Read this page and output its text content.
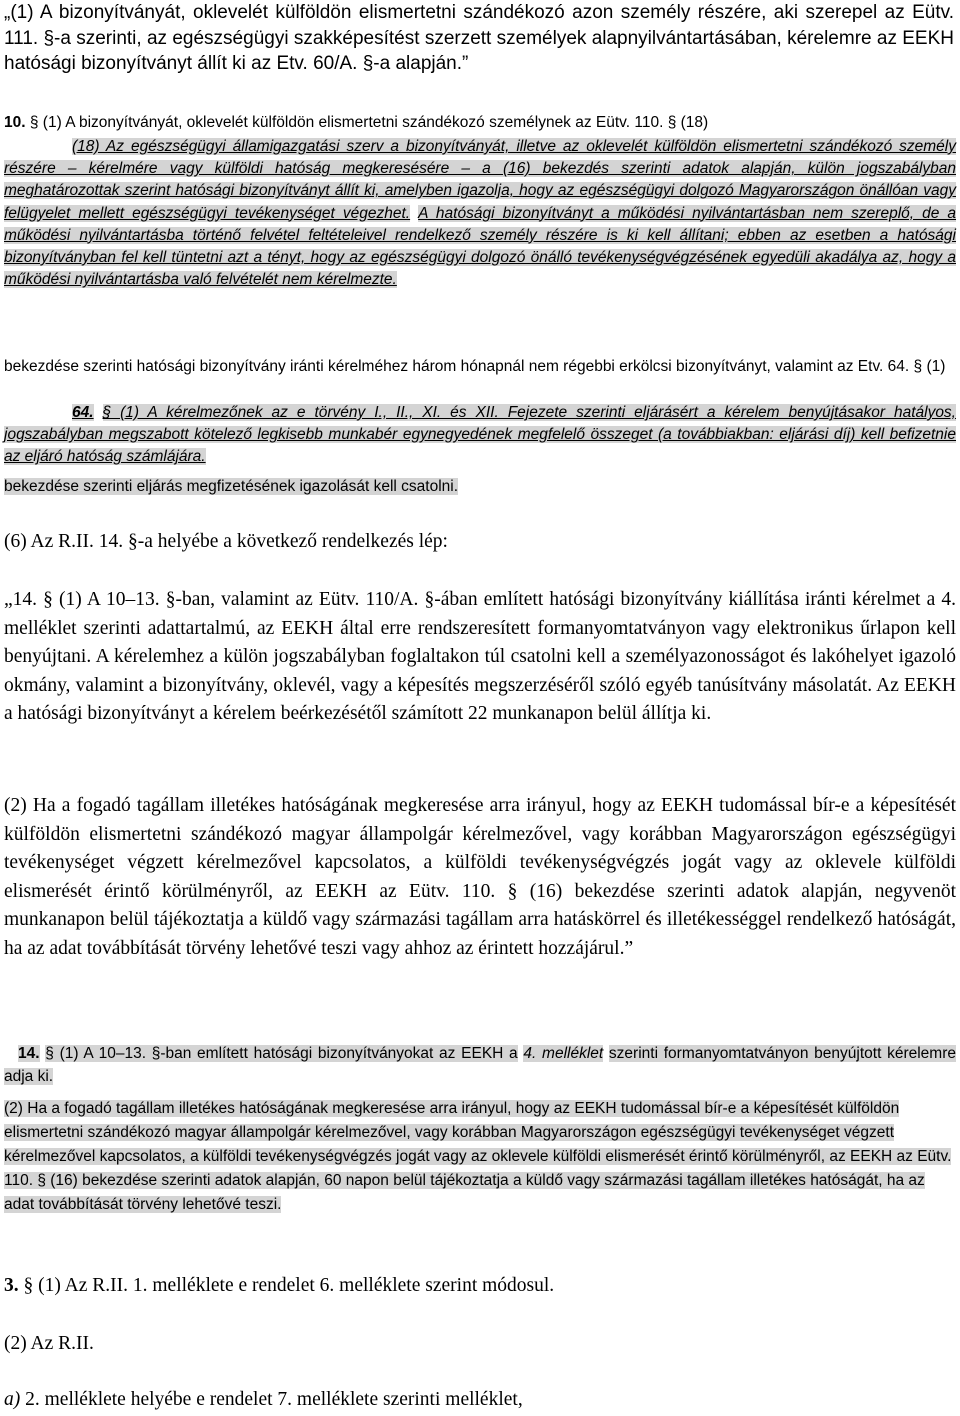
„(1) A bizonyítványát, oklevelét külföldön elismertetni szándékozó azon személy részére, aki szerepel az Eütv. 111. §-a szerinti, az egészségügyi szakképesítést szerzett személyek alapnyilvántartásában, kérelemre az EEKH hatósági bizonyítványt állít ki az Etv. 60/A. §-a alapján.”

10. § (1) A bizonyítványát, oklevelét külföldön elismertetni szándékozó személynek az Eütv. 110. § (18)

(18) Az egészségügyi államigazgatási szerv a bizonyítványát, illetve az oklevelét külföldön elismertetni szándékozó személy részére – kérelmére vagy külföldi hatóság megkeresésére – a (16) bekezdés szerinti adatok alapján, külön jogszabályban meghatározottak szerint hatósági bizonyítványt állít ki, amelyben igazolja, hogy az egészségügyi dolgozó Magyarországon önállóan vagy felügyelet mellett egészségügyi tevékenységet végezhet. A hatósági bizonyítványt a működési nyilvántartásban nem szereplő, de a működési nyilvántartásba történő felvétel feltételeivel rendelkező személy részére is ki kell állítani; ebben az esetben a hatósági bizonyítványban fel kell tüntetni azt a tényt, hogy az egészségügyi dolgozó önálló tevékenységvégzésének egyedüli akadálya az, hogy a működési nyilvántartásba való felvételét nem kérelmezte.

bekezdése szerinti hatósági bizonyítvány iránti kérelméhez három hónapnál nem régebbi erkölcsi bizonyítványt, valamint az Etv. 64. § (1)

64. § (1) A kérelmezőnek az e törvény I., II., XI. és XII. Fejezete szerinti eljárásért a kérelem benyújtásakor hatályos, jogszabályban megszabott kötelező legkisebb munkabér egynegyedének megfelelő összeget (a továbbiakban: eljárási díj) kell befizetnie az eljáró hatóság számlájára.

bekezdése szerinti eljárás megfizetésének igazolását kell csatolni.

(6) Az R.II. 14. §-a helyébe a következő rendelkezés lép:

„14. § (1) A 10–13. §-ban, valamint az Eütv. 110/A. §-ában említett hatósági bizonyítvány kiállítása iránti kérelmet a 4. melléklet szerinti adattartalmú, az EEKH által erre rendszeresített formanyomtatványon vagy elektronikus űrlapon kell benyújtani. A kérelemhez a külön jogszabályban foglaltakon túl csatolni kell a személyazonosságot és lakóhelyet igazoló okmány, valamint a bizonyítvány, oklevél, vagy a képesítés megszerzéséről szóló egyéb tanúsítvány másolatát. Az EEKH a hatósági bizonyítványt a kérelem beérkezésétől számított 22 munkanapon belül állítja ki.

(2) Ha a fogadó tagállam illetékes hatóságának megkeresése arra irányul, hogy az EEKH tudomással bír-e a képesítését külföldön elismertetni szándékozó magyar állampolgár kérelmezővel, vagy korábban Magyarországon egészségügyi tevékenységet végzett kérelmezővel kapcsolatos, a külföldi tevékenységvégzés jogát vagy az oklevele külföldi elismerését érintő körülményről, az EEKH az Eütv. 110. § (16) bekezdése szerinti adatok alapján, negyvenöt munkanapon belül tájékoztatja a küldő vagy származási tagállam arra hatáskörrel és illetékességgel rendelkező hatóságát, ha az adat továbbítását törvény lehetővé teszi vagy ahhoz az érintett hozzájárul.”

14. § (1) A 10–13. §-ban említett hatósági bizonyítványokat az EEKH a 4. melléklet szerinti formanyomtatványon benyújtott kérelemre adja ki.

(2) Ha a fogadó tagállam illetékes hatóságának megkeresése arra irányul, hogy az EEKH tudomással bír-e a képesítését külföldön elismertetni szándékozó magyar állampolgár kérelmezővel, vagy korábban Magyarországon egészségügyi tevékenységet végzett kérelmezővel kapcsolatos, a külföldi tevékenységvégzés jogát vagy az oklevele külföldi elismerését érintő körülményről, az EEKH az Eütv. 110. § (16) bekezdése szerinti adatok alapján, 60 napon belül tájékoztatja a küldő vagy származási tagállam illetékes hatóságát, ha az adat továbbítását törvény lehetővé teszi.

3. § (1) Az R.II. 1. melléklete e rendelet 6. melléklete szerint módosul.

(2) Az R.II.

a) 2. melléklete helyébe e rendelet 7. melléklete szerinti melléklet,
